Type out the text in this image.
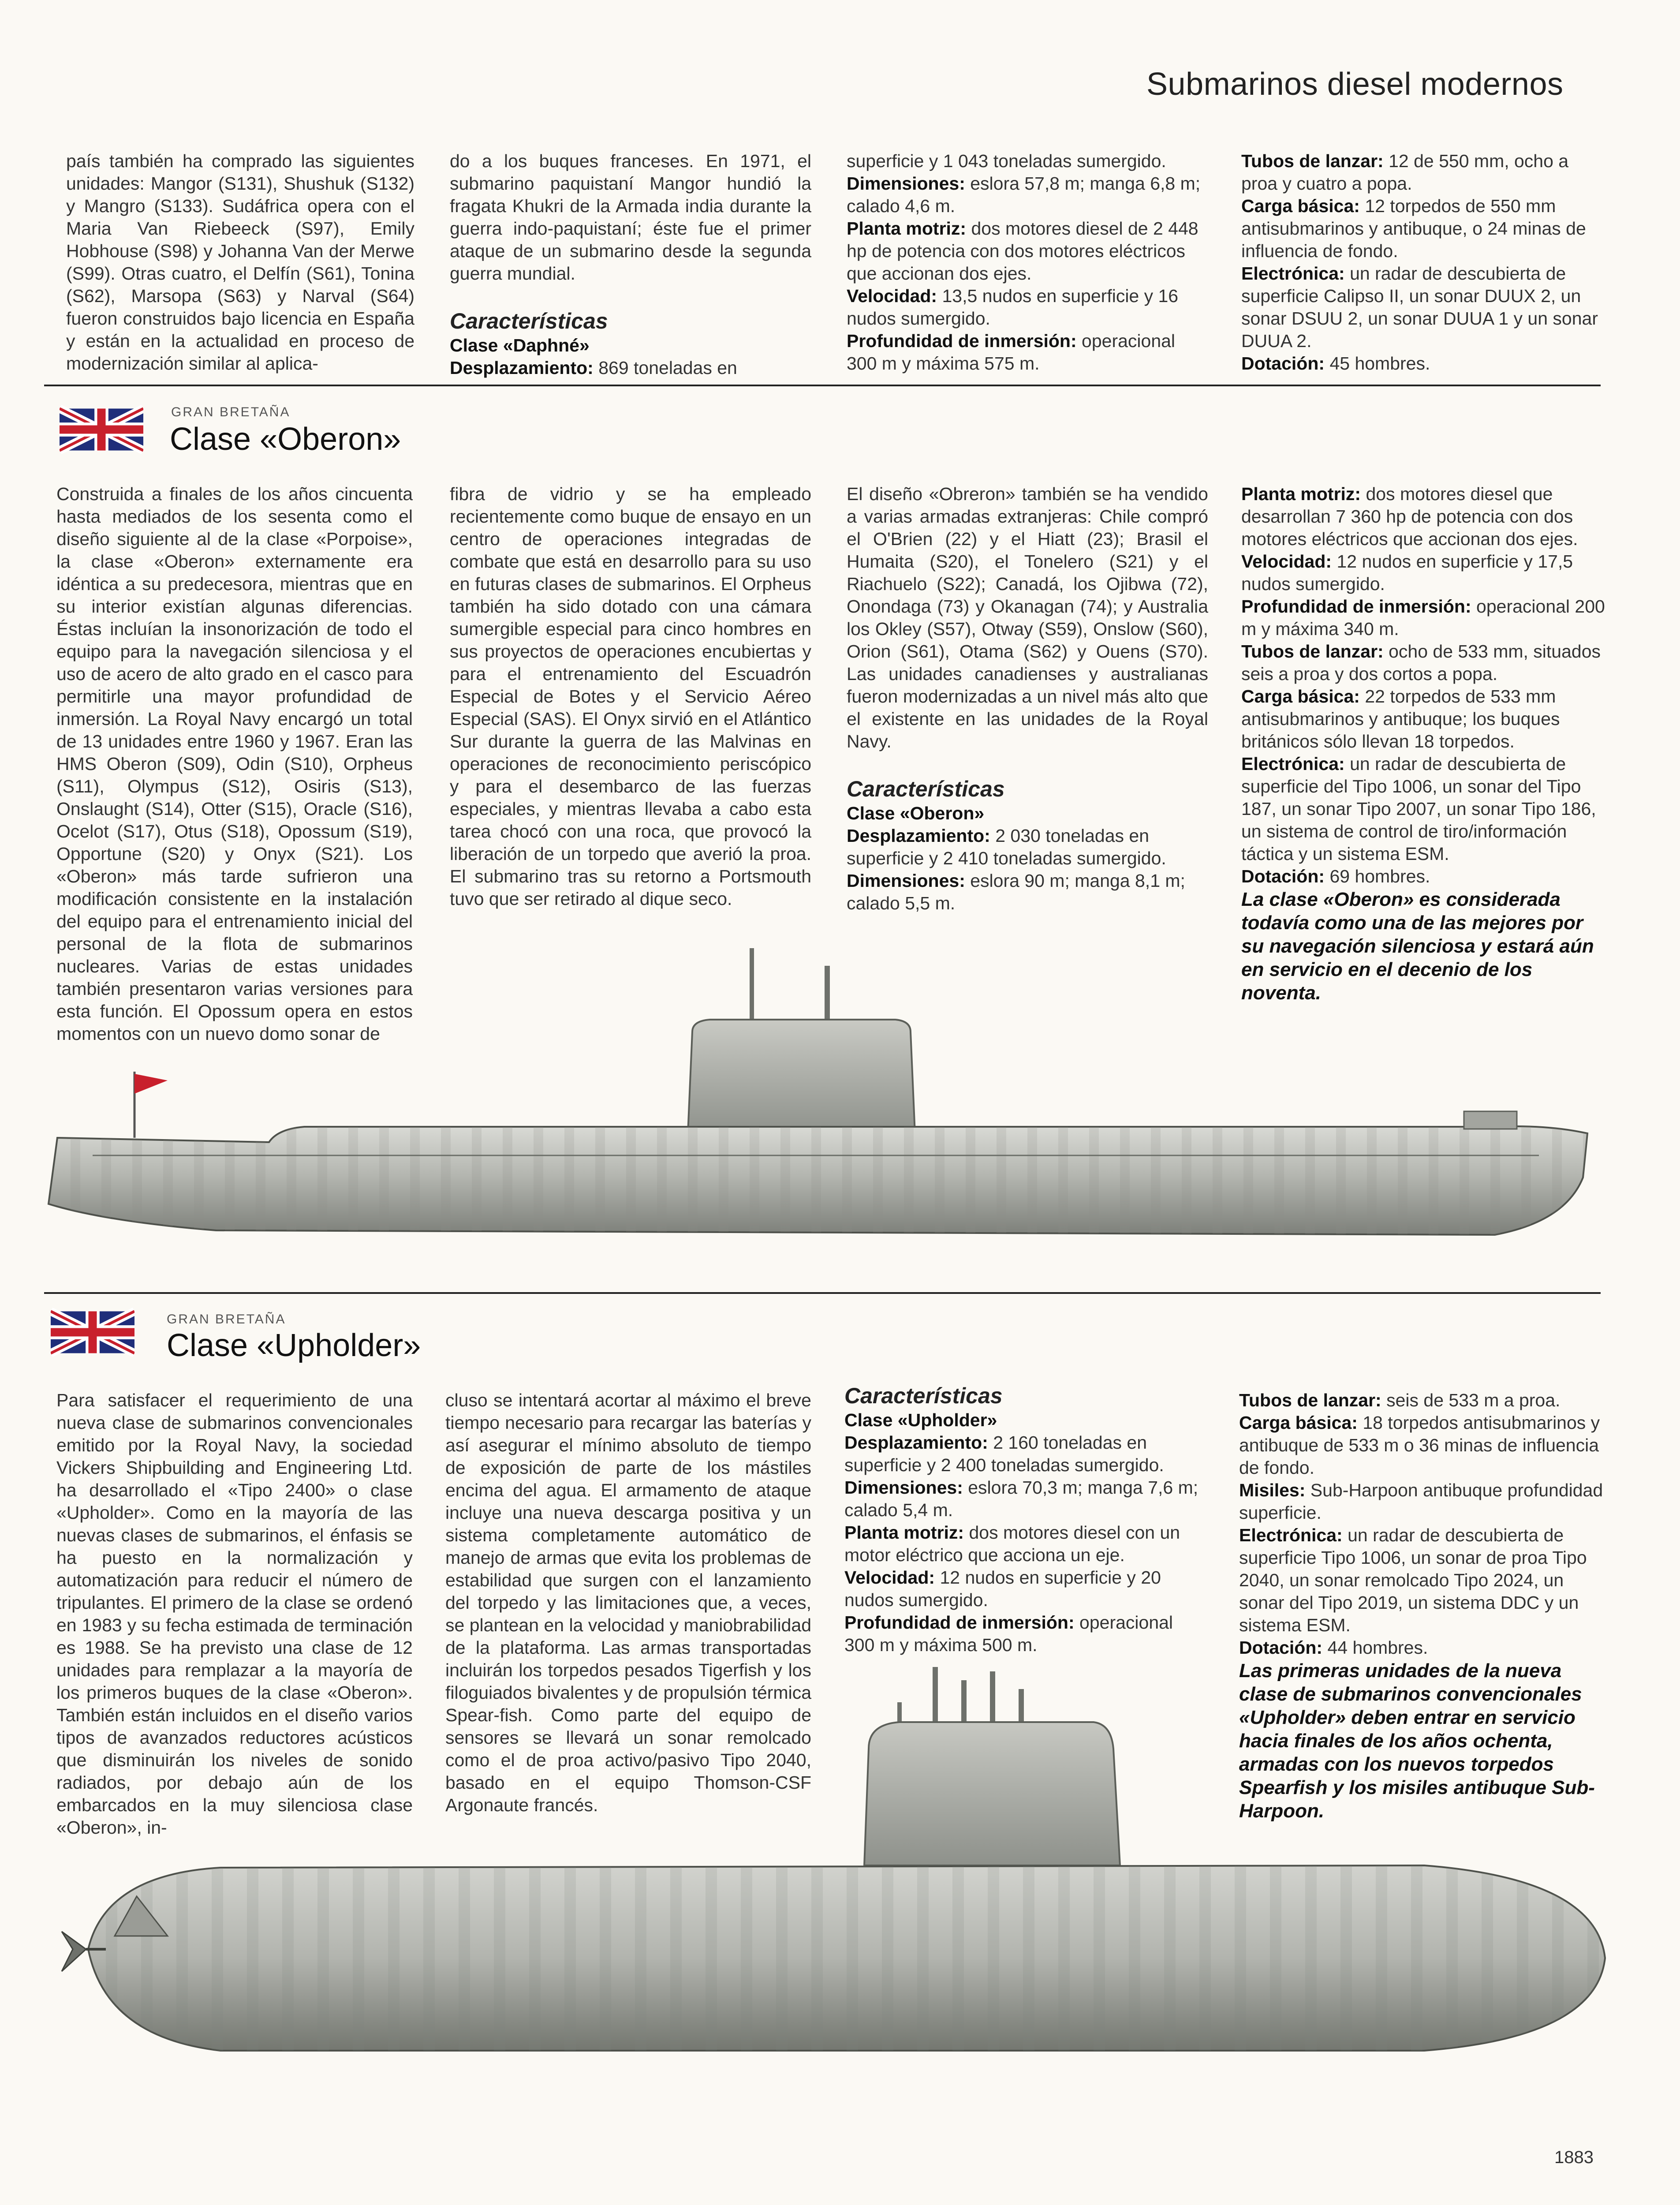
Submarinos diesel modernos

país también ha comprado las siguientes unidades: Mangor (S131), Shushuk (S132) y Mangro (S133). Sudáfrica opera con el Maria Van Riebeeck (S97), Emily Hobhouse (S98) y Johanna Van der Merwe (S99). Otras cuatro, el Delfín (S61), Tonina (S62), Marsopa (S63) y Narval (S64) fueron construidos bajo licencia en España y están en la actualidad en proceso de modernización similar al aplica-

do a los buques franceses. En 1971, el submarino paquistaní Mangor hundió la fragata Khukri de la Armada india durante la guerra indo-paquistaní; éste fue el primer ataque de un submarino desde la segunda guerra mundial.

Características

Clase «Daphné»

Desplazamiento: 869 toneladas en

superficie y 1 043 toneladas sumergido.

Dimensiones: eslora 57,8 m; manga 6,8 m; calado 4,6 m.

Planta motriz: dos motores diesel de 2 448 hp de potencia con dos motores eléctricos que accionan dos ejes.

Velocidad: 13,5 nudos en superficie y 16 nudos sumergido.

Profundidad de inmersión: operacional 300 m y máxima 575 m.

Tubos de lanzar: 12 de 550 mm, ocho a proa y cuatro a popa.

Carga básica: 12 torpedos de 550 mm antisubmarinos y antibuque, o 24 minas de influencia de fondo.

Electrónica: un radar de descubierta de superficie Calipso II, un sonar DUUX 2, un sonar DSUU 2, un sonar DUUA 1 y un sonar DUUA 2.

Dotación: 45 hombres.

GRAN BRETAÑA
Clase «Oberon»

Construida a finales de los años cincuenta hasta mediados de los sesenta como el diseño siguiente al de la clase «Porpoise», la clase «Oberon» externamente era idéntica a su predecesora, mientras que en su interior existían algunas diferencias. Éstas incluían la insonorización de todo el equipo para la navegación silenciosa y el uso de acero de alto grado en el casco para permitirle una mayor profundidad de inmersión. La Royal Navy encargó un total de 13 unidades entre 1960 y 1967. Eran las HMS Oberon (S09), Odin (S10), Orpheus (S11), Olympus (S12), Osiris (S13), Onslaught (S14), Otter (S15), Oracle (S16), Ocelot (S17), Otus (S18), Opossum (S19), Opportune (S20) y Onyx (S21). Los «Oberon» más tarde sufrieron una modificación consistente en la instalación del equipo para el entrenamiento inicial del personal de la flota de submarinos nucleares. Varias de estas unidades también presentaron varias versiones para esta función. El Opossum opera en estos momentos con un nuevo domo sonar de

fibra de vidrio y se ha empleado recientemente como buque de ensayo en un centro de operaciones integradas de combate que está en desarrollo para su uso en futuras clases de submarinos. El Orpheus también ha sido dotado con una cámara sumergible especial para cinco hombres en sus proyectos de operaciones encubiertas y para el entrenamiento del Escuadrón Especial de Botes y el Servicio Aéreo Especial (SAS). El Onyx sirvió en el Atlántico Sur durante la guerra de las Malvinas en operaciones de reconocimiento periscópico y para el desembarco de las fuerzas especiales, y mientras llevaba a cabo esta tarea chocó con una roca, que provocó la liberación de un torpedo que averió la proa. El submarino tras su retorno a Portsmouth tuvo que ser retirado al dique seco.

El diseño «Obreron» también se ha vendido a varias armadas extranjeras: Chile compró el O'Brien (22) y el Hiatt (23); Brasil el Humaita (S20), el Tonelero (S21) y el Riachuelo (S22); Canadá, los Ojibwa (72), Onondaga (73) y Okanagan (74); y Australia los Okley (S57), Otway (S59), Onslow (S60), Orion (S61), Otama (S62) y Ouens (S70). Las unidades canadienses y australianas fueron modernizadas a un nivel más alto que el existente en las unidades de la Royal Navy.

Características

Clase «Oberon»

Desplazamiento: 2 030 toneladas en superficie y 2 410 toneladas sumergido.

Dimensiones: eslora 90 m; manga 8,1 m; calado 5,5 m.

Planta motriz: dos motores diesel que desarrollan 7 360 hp de potencia con dos motores eléctricos que accionan dos ejes.

Velocidad: 12 nudos en superficie y 17,5 nudos sumergido.

Profundidad de inmersión: operacional 200 m y máxima 340 m.

Tubos de lanzar: ocho de 533 mm, situados seis a proa y dos cortos a popa.

Carga básica: 22 torpedos de 533 mm antisubmarinos y antibuque; los buques británicos sólo llevan 18 torpedos.

Electrónica: un radar de descubierta de superficie del Tipo 1006, un sonar del Tipo 187, un sonar Tipo 2007, un sonar Tipo 186, un sistema de control de tiro/información táctica y un sistema ESM.

Dotación: 69 hombres.

La clase «Oberon» es considerada todavía como una de las mejores por su navegación silenciosa y estará aún en servicio en el decenio de los noventa.

GRAN BRETAÑA
Clase «Upholder»

Para satisfacer el requerimiento de una nueva clase de submarinos convencionales emitido por la Royal Navy, la sociedad Vickers Shipbuilding and Engineering Ltd. ha desarrollado el «Tipo 2400» o clase «Upholder». Como en la mayoría de las nuevas clases de submarinos, el énfasis se ha puesto en la normalización y automatización para reducir el número de tripulantes. El primero de la clase se ordenó en 1983 y su fecha estimada de terminación es 1988. Se ha previsto una clase de 12 unidades para remplazar a la mayoría de los primeros buques de la clase «Oberon». También están incluidos en el diseño varios tipos de avanzados reductores acústicos que disminuirán los niveles de sonido radiados, por debajo aún de los embarcados en la muy silenciosa clase «Oberon», in-

cluso se intentará acortar al máximo el breve tiempo necesario para recargar las baterías y así asegurar el mínimo absoluto de tiempo de exposición de parte de los mástiles encima del agua. El armamento de ataque incluye una nueva descarga positiva y un sistema completamente automático de manejo de armas que evita los problemas de estabilidad que surgen con el lanzamiento del torpedo y las limitaciones que, a veces, se plantean en la velocidad y maniobrabilidad de la plataforma. Las armas transportadas incluirán los torpedos pesados Tigerfish y los filoguiados bivalentes y de propulsión térmica Spear-fish. Como parte del equipo de sensores se llevará un sonar remolcado como el de proa activo/pasivo Tipo 2040, basado en el equipo Thomson-CSF Argonaute francés.

Características

Clase «Upholder»

Desplazamiento: 2 160 toneladas en superficie y 2 400 toneladas sumergido.

Dimensiones: eslora 70,3 m; manga 7,6 m; calado 5,4 m.

Planta motriz: dos motores diesel con un motor eléctrico que acciona un eje.

Velocidad: 12 nudos en superficie y 20 nudos sumergido.

Profundidad de inmersión: operacional 300 m y máxima 500 m.

Tubos de lanzar: seis de 533 m a proa.

Carga básica: 18 torpedos antisubmarinos y antibuque de 533 m o 36 minas de influencia de fondo.

Misiles: Sub-Harpoon antibuque profundidad superficie.

Electrónica: un radar de descubierta de superficie Tipo 1006, un sonar de proa Tipo 2040, un sonar remolcado Tipo 2024, un sonar del Tipo 2019, un sistema DDC y un sistema ESM.

Dotación: 44 hombres.

Las primeras unidades de la nueva clase de submarinos convencionales «Upholder» deben entrar en servicio hacia finales de los años ochenta, armadas con los nuevos torpedos Spearfish y los misiles antibuque Sub-Harpoon.

1883
